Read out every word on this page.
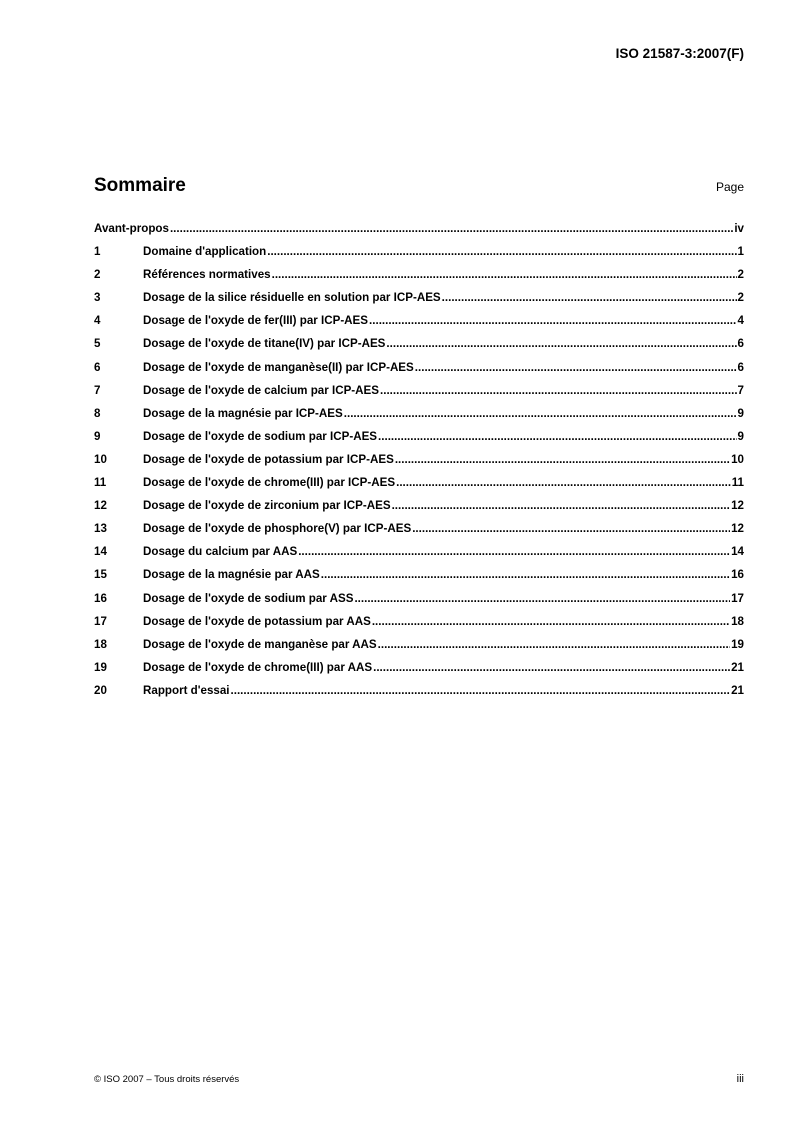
ISO 21587-3:2007(F)
Sommaire	Page
Avant-propos .....	iv
1	Domaine d'application .....	1
2	Références normatives .....	2
3	Dosage de la silice résiduelle en solution par ICP-AES .....	2
4	Dosage de l'oxyde de fer(III) par ICP-AES .....	4
5	Dosage de l'oxyde de titane(IV) par ICP-AES .....	6
6	Dosage de l'oxyde de manganèse(II) par ICP-AES .....	6
7	Dosage de l'oxyde de calcium par ICP-AES .....	7
8	Dosage de la magnésie par ICP-AES .....	9
9	Dosage de l'oxyde de sodium par ICP-AES .....	9
10	Dosage de l'oxyde de potassium par ICP-AES .....	10
11	Dosage de l'oxyde de chrome(III) par ICP-AES .....	11
12	Dosage de l'oxyde de zirconium par ICP-AES .....	12
13	Dosage de l'oxyde de phosphore(V) par ICP-AES .....	12
14	Dosage du calcium par AAS .....	14
15	Dosage de la magnésie par AAS .....	16
16	Dosage de l'oxyde de sodium par ASS .....	17
17	Dosage de l'oxyde de potassium par AAS .....	18
18	Dosage de l'oxyde de manganèse par AAS .....	19
19	Dosage de l'oxyde de chrome(III) par AAS .....	21
20	Rapport d'essai .....	21
© ISO 2007 – Tous droits réservés	iii
